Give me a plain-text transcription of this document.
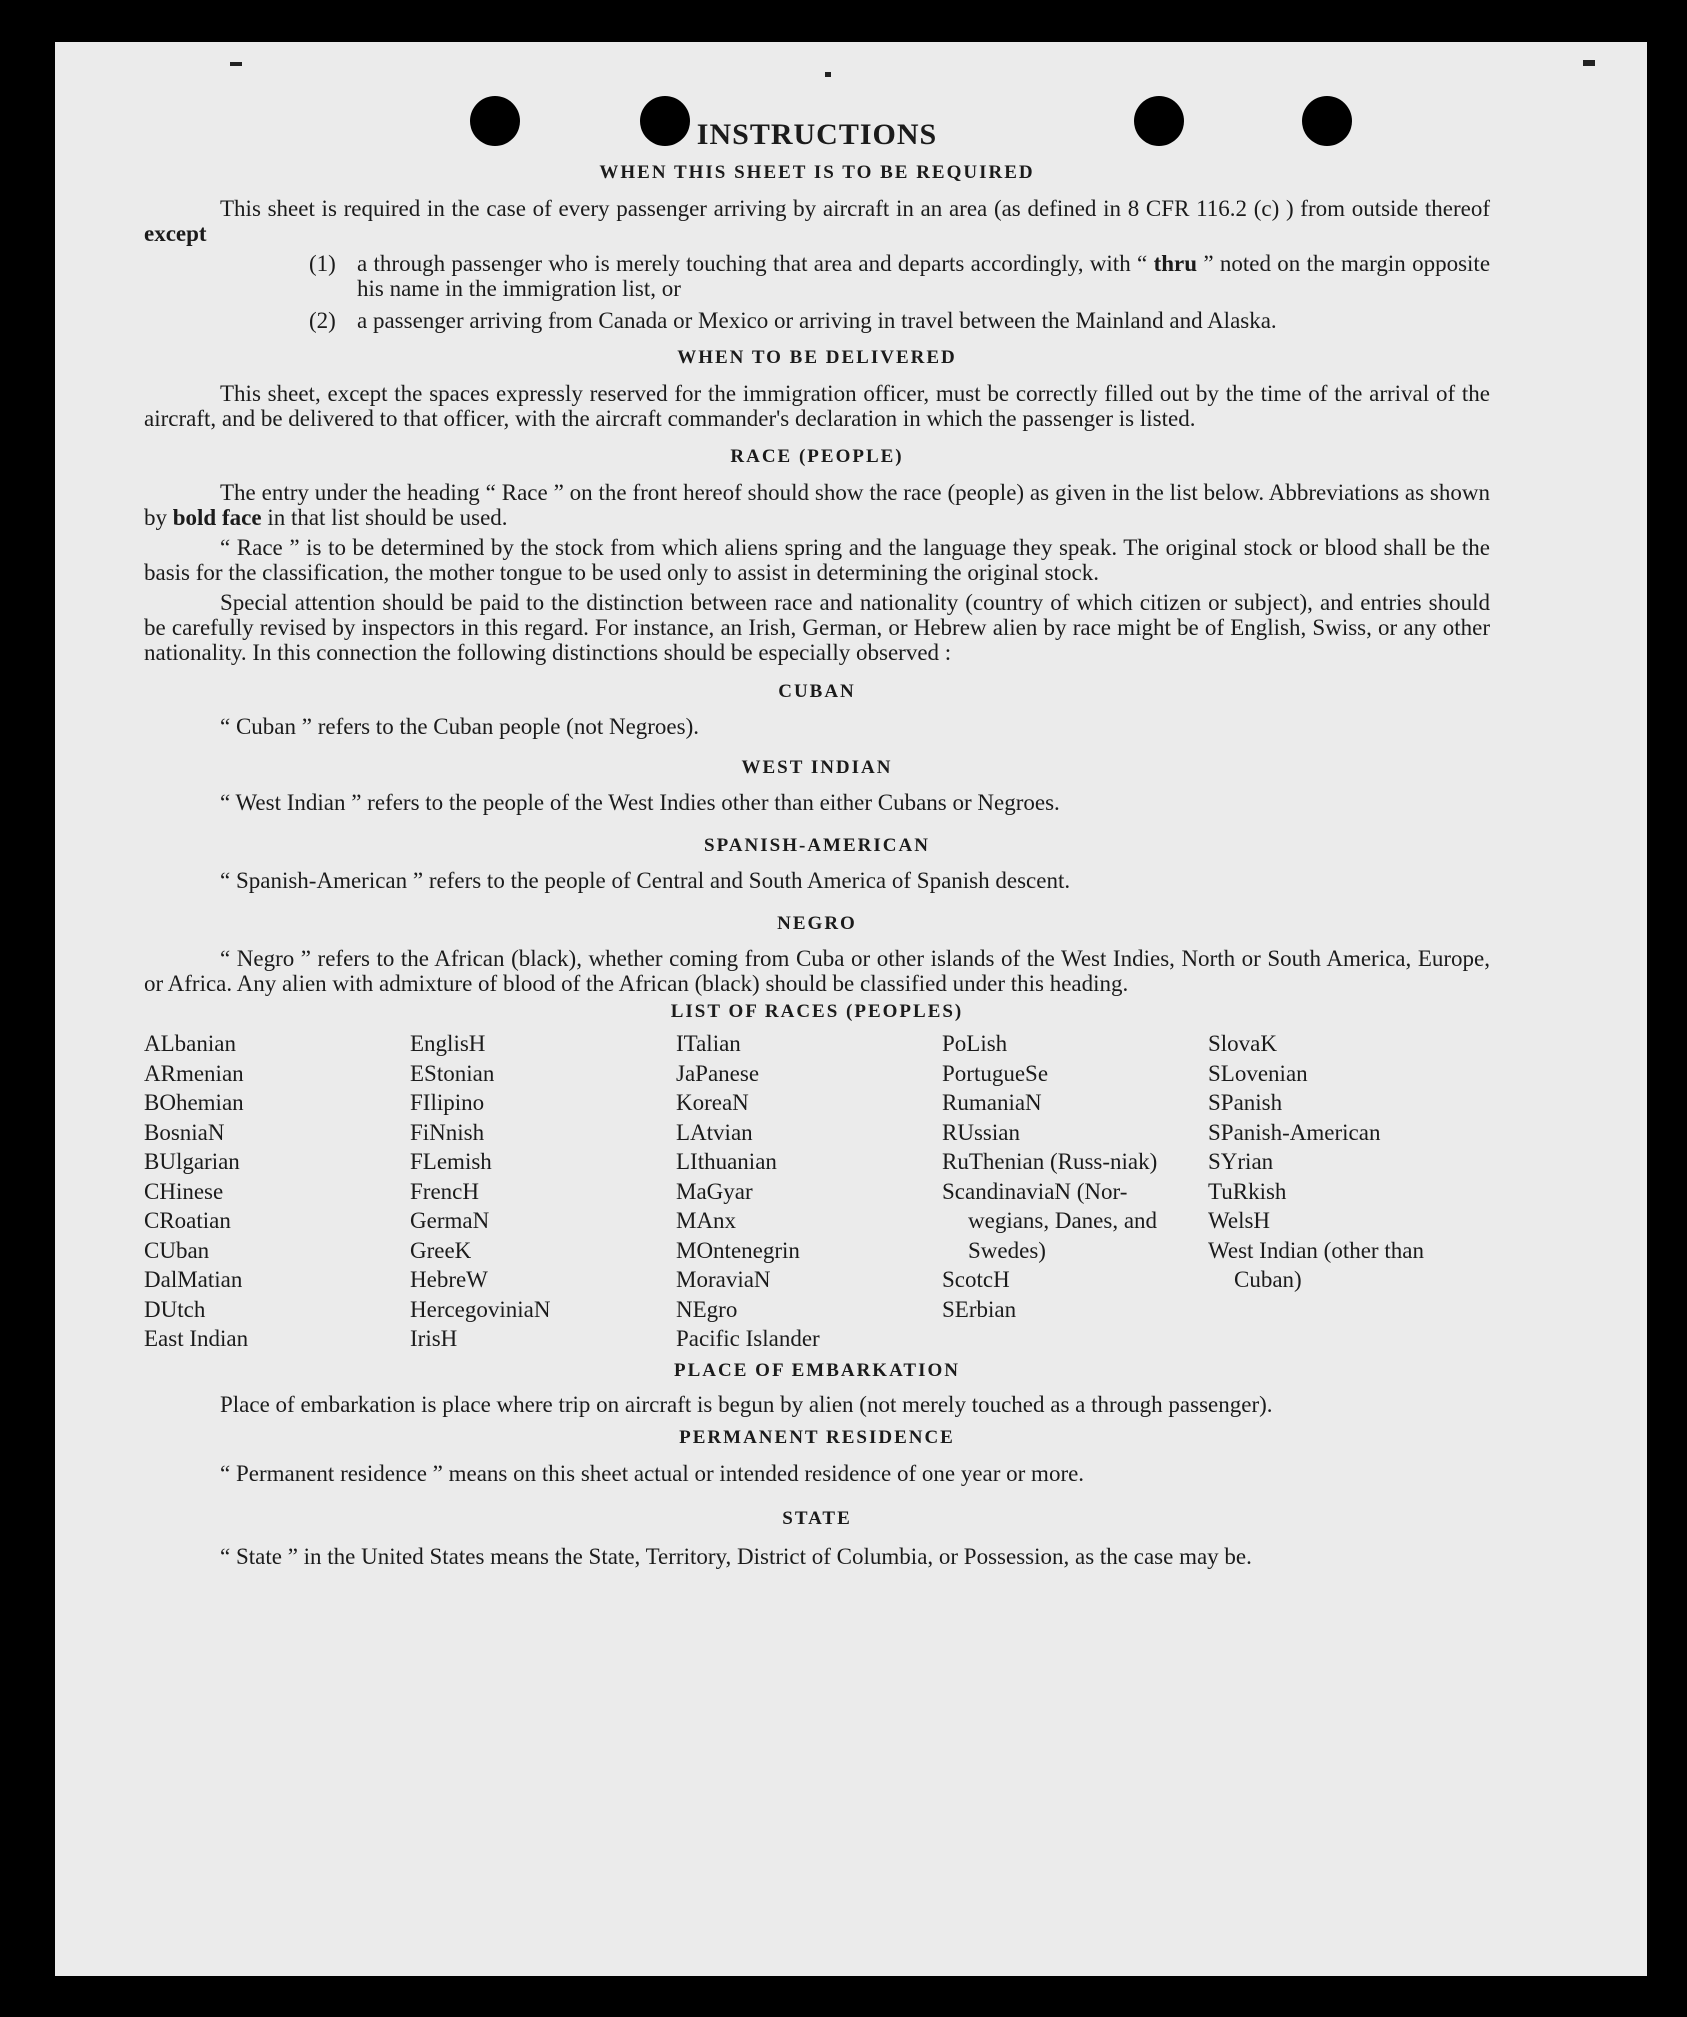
INSTRUCTIONS
WHEN THIS SHEET IS TO BE REQUIRED

This sheet is required in the case of every passenger arriving by aircraft in an area (as defined in 8 CFR 116.2 (c) ) from outside thereof except

(1) a through passenger who is merely touching that area and departs accordingly, with “ thru ” noted on the margin opposite his name in the immigration list, or
(2) a passenger arriving from Canada or Mexico or arriving in travel between the Mainland and Alaska.
WHEN TO BE DELIVERED

This sheet, except the spaces expressly reserved for the immigration officer, must be correctly filled out by the time of the arrival of the aircraft, and be delivered to that officer, with the aircraft commander's declaration in which the passenger is listed.

RACE (PEOPLE)

The entry under the heading “ Race ” on the front hereof should show the race (people) as given in the list below. Abbreviations as shown by bold face in that list should be used.

“ Race ” is to be determined by the stock from which aliens spring and the language they speak. The original stock or blood shall be the basis for the classification, the mother tongue to be used only to assist in determining the original stock.

Special attention should be paid to the distinction between race and nationality (country of which citizen or subject), and entries should be carefully revised by inspectors in this regard. For instance, an Irish, German, or Hebrew alien by race might be of English, Swiss, or any other nationality. In this connection the following distinctions should be especially observed :

CUBAN

“ Cuban ” refers to the Cuban people (not Negroes).

WEST INDIAN

“ West Indian ” refers to the people of the West Indies other than either Cubans or Negroes.

SPANISH-AMERICAN

“ Spanish-American ” refers to the people of Central and South America of Spanish descent.

NEGRO

“ Negro ” refers to the African (black), whether coming from Cuba or other islands of the West Indies, North or South America, Europe, or Africa. Any alien with admixture of blood of the African (black) should be classified under this heading.

LIST OF RACES (PEOPLES)
ALbanian
ARmenian
BOhemian
BosniaN
BUlgarian
CHinese
CRoatian
CUban
DalMatian
DUtch
East Indian
EnglisH
EStonian
FIlipino
FiNnish
FLemish
FrencH
GermaN
GreeK
HebreW
HercegoviniaN
IrisH
ITalian
JaPanese
KoreaN
LAtvian
LIthuanian
MaGyar
MAnx
MOntenegrin
MoraviaN
NEgro
Pacific Islander
PoLish
PortugueSe
RumaniaN
RUssian
RuThenian (Russ-niak)
ScandinaviaN (Nor-wegians, Danes, and Swedes)
ScotcH
SErbian
SlovaK
SLovenian
SPanish
SPanish-American
SYrian
TuRkish
WelsH
West Indian (other than Cuban)
PLACE OF EMBARKATION

Place of embarkation is place where trip on aircraft is begun by alien (not merely touched as a through passenger).

PERMANENT RESIDENCE

“ Permanent residence ” means on this sheet actual or intended residence of one year or more.

STATE

“ State ” in the United States means the State, Territory, District of Columbia, or Possession, as the case may be.
